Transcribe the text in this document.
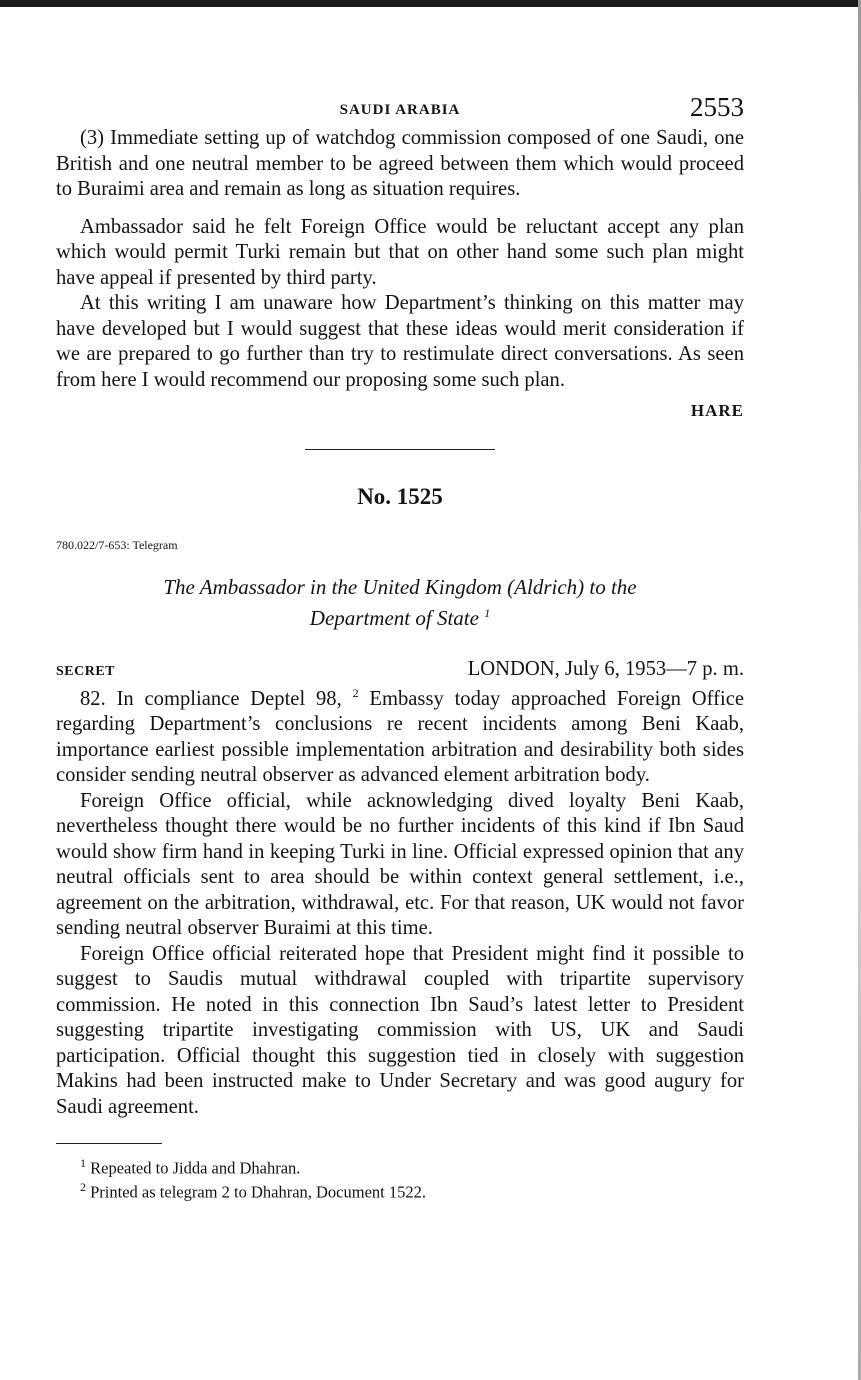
SAUDI ARABIA	2553

(3) Immediate setting up of watchdog commission composed of one Saudi, one British and one neutral member to be agreed between them which would proceed to Buraimi area and remain as long as situation requires.

Ambassador said he felt Foreign Office would be reluctant accept any plan which would permit Turki remain but that on other hand some such plan might have appeal if presented by third party.

At this writing I am unaware how Department’s thinking on this matter may have developed but I would suggest that these ideas would merit consideration if we are prepared to go further than try to restimulate direct conversations. As seen from here I would recommend our proposing some such plan.

HARE
No. 1525
780.022/7-653: Telegram
The Ambassador in the United Kingdom (Aldrich) to the
Department of State $^1$
SECRET	LONDON, July 6, 1953—7 p. m.

82. In compliance Deptel 98, $^2$ Embassy today approached Foreign Office regarding Department’s conclusions re recent incidents among Beni Kaab, importance earliest possible implementation arbitration and desirability both sides consider sending neutral observer as advanced element arbitration body.

Foreign Office official, while acknowledging dived loyalty Beni Kaab, nevertheless thought there would be no further incidents of this kind if Ibn Saud would show firm hand in keeping Turki in line. Official expressed opinion that any neutral officials sent to area should be within context general settlement, i.e., agreement on the arbitration, withdrawal, etc. For that reason, UK would not favor sending neutral observer Buraimi at this time.

Foreign Office official reiterated hope that President might find it possible to suggest to Saudis mutual withdrawal coupled with tripartite supervisory commission. He noted in this connection Ibn Saud’s latest letter to President suggesting tripartite investigating commission with US, UK and Saudi participation. Official thought this suggestion tied in closely with suggestion Makins had been instructed make to Under Secretary and was good augury for Saudi agreement.

$^1$ Repeated to Jidda and Dhahran.
$^2$ Printed as telegram 2 to Dhahran, Document 1522.
